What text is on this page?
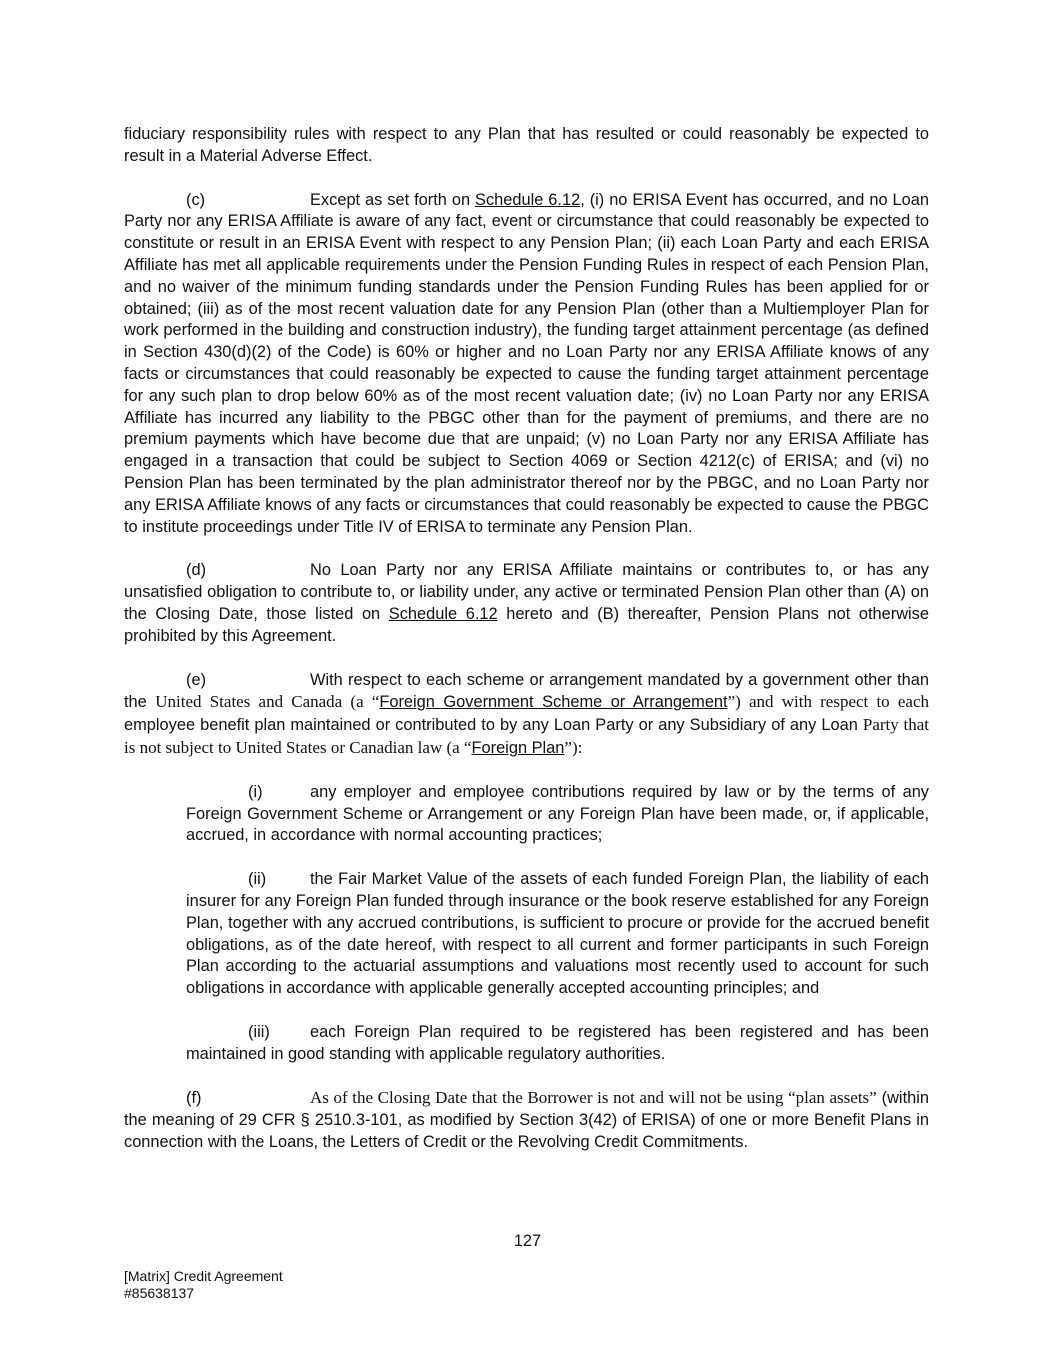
fiduciary responsibility rules with respect to any Plan that has resulted or could reasonably be expected to result in a Material Adverse Effect.

(c)	Except as set forth on Schedule 6.12, (i) no ERISA Event has occurred, and no Loan Party nor any ERISA Affiliate is aware of any fact, event or circumstance that could reasonably be expected to constitute or result in an ERISA Event with respect to any Pension Plan; (ii) each Loan Party and each ERISA Affiliate has met all applicable requirements under the Pension Funding Rules in respect of each Pension Plan, and no waiver of the minimum funding standards under the Pension Funding Rules has been applied for or obtained; (iii) as of the most recent valuation date for any Pension Plan (other than a Multiemployer Plan for work performed in the building and construction industry), the funding target attainment percentage (as defined in Section 430(d)(2) of the Code) is 60% or higher and no Loan Party nor any ERISA Affiliate knows of any facts or circumstances that could reasonably be expected to cause the funding target attainment percentage for any such plan to drop below 60% as of the most recent valuation date; (iv) no Loan Party nor any ERISA Affiliate has incurred any liability to the PBGC other than for the payment of premiums, and there are no premium payments which have become due that are unpaid; (v) no Loan Party nor any ERISA Affiliate has engaged in a transaction that could be subject to Section 4069 or Section 4212(c) of ERISA; and (vi) no Pension Plan has been terminated by the plan administrator thereof nor by the PBGC, and no Loan Party nor any ERISA Affiliate knows of any facts or circumstances that could reasonably be expected to cause the PBGC to institute proceedings under Title IV of ERISA to terminate any Pension Plan.

(d)	No Loan Party nor any ERISA Affiliate maintains or contributes to, or has any unsatisfied obligation to contribute to, or liability under, any active or terminated Pension Plan other than (A) on the Closing Date, those listed on Schedule 6.12 hereto and (B) thereafter, Pension Plans not otherwise prohibited by this Agreement.

(e)	With respect to each scheme or arrangement mandated by a government other than the United States and Canada (a “Foreign Government Scheme or Arrangement”) and with respect to each employee benefit plan maintained or contributed to by any Loan Party or any Subsidiary of any Loan Party that is not subject to United States or Canadian law (a “Foreign Plan”):

(i)	any employer and employee contributions required by law or by the terms of any Foreign Government Scheme or Arrangement or any Foreign Plan have been made, or, if applicable, accrued, in accordance with normal accounting practices;

(ii)	the Fair Market Value of the assets of each funded Foreign Plan, the liability of each insurer for any Foreign Plan funded through insurance or the book reserve established for any Foreign Plan, together with any accrued contributions, is sufficient to procure or provide for the accrued benefit obligations, as of the date hereof, with respect to all current and former participants in such Foreign Plan according to the actuarial assumptions and valuations most recently used to account for such obligations in accordance with applicable generally accepted accounting principles; and

(iii) each Foreign Plan required to be registered has been registered and has been maintained in good standing with applicable regulatory authorities.

(f)	As of the Closing Date that the Borrower is not and will not be using “plan assets” (within the meaning of 29 CFR § 2510.3-101, as modified by Section 3(42) of ERISA) of one or more Benefit Plans in connection with the Loans, the Letters of Credit or the Revolving Credit Commitments.

127
[Matrix] Credit Agreement
#85638137
